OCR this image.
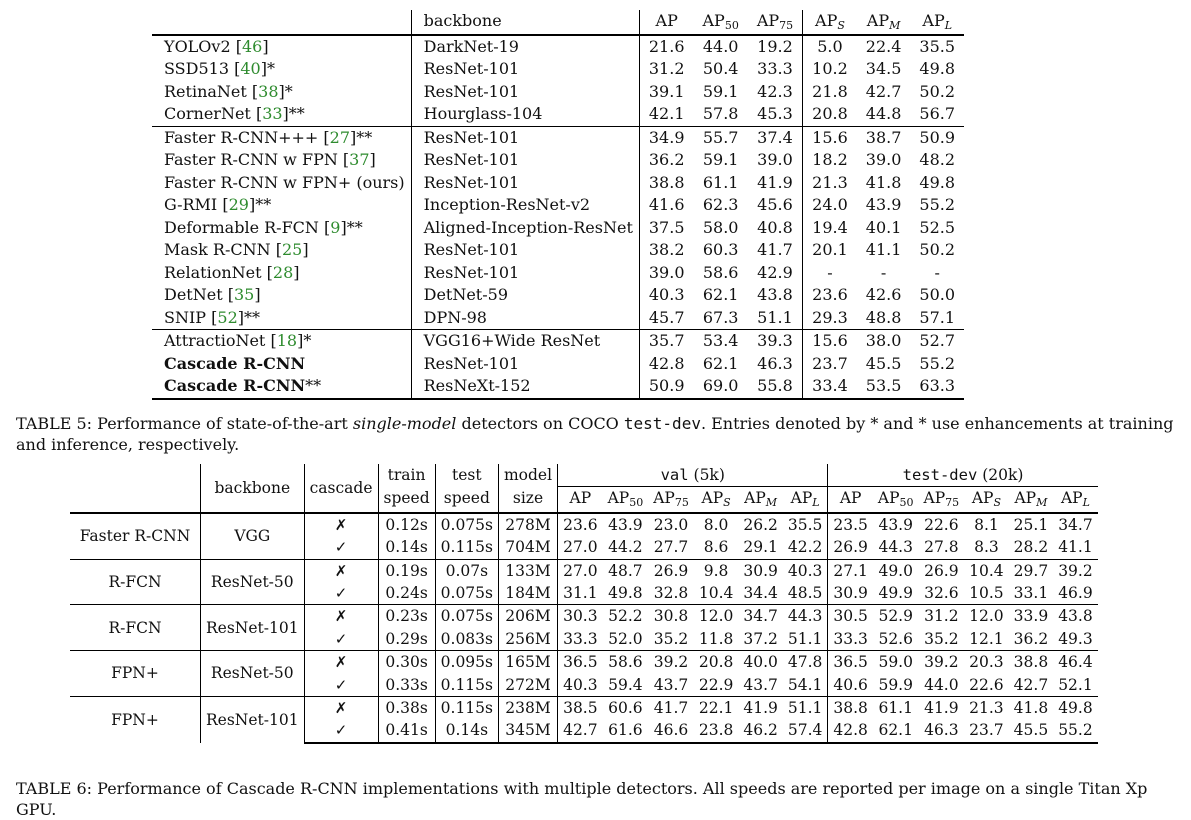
	backbone	AP	$AP_{50}$	$AP_{75}$	$AP_S$	$AP_M$	$AP_L$
YOLOv2 [46]	DarkNet-19	21.6	44.0	19.2	5.0	22.4	35.5
SSD513 [40]*	ResNet-101	31.2	50.4	33.3	10.2	34.5	49.8
RetinaNet [38]*	ResNet-101	39.1	59.1	42.3	21.8	42.7	50.2
CornerNet [33]**	Hourglass-104	42.1	57.8	45.3	20.8	44.8	56.7
Faster R-CNN+++ [27]**	ResNet-101	34.9	55.7	37.4	15.6	38.7	50.9
Faster R-CNN w FPN [37]	ResNet-101	36.2	59.1	39.0	18.2	39.0	48.2
Faster R-CNN w FPN+ (ours)	ResNet-101	38.8	61.1	41.9	21.3	41.8	49.8
G-RMI [29]**	Inception-ResNet-v2	41.6	62.3	45.6	24.0	43.9	55.2
Deformable R-FCN [9]**	Aligned-Inception-ResNet	37.5	58.0	40.8	19.4	40.1	52.5
Mask R-CNN [25]	ResNet-101	38.2	60.3	41.7	20.1	41.1	50.2
RelationNet [28]	ResNet-101	39.0	58.6	42.9	-	-	-
DetNet [35]	DetNet-59	40.3	62.1	43.8	23.6	42.6	50.0
SNIP [52]**	DPN-98	45.7	67.3	51.1	29.3	48.8	57.1
AttractioNet [18]*	VGG16+Wide ResNet	35.7	53.4	39.3	15.6	38.0	52.7
Cascade R-CNN	ResNet-101	42.8	62.1	46.3	23.7	45.5	55.2
Cascade R-CNN**	ResNeXt-152	50.9	69.0	55.8	33.4	53.5	63.3
TABLE 5: Performance of state-of-the-art single-model detectors on COCO test-dev. Entries denoted by * and * use enhancements at training and inference, respectively.
	backbone	cascade	train	test	model	val (5k)						test-dev (20k)					
			speed	speed	size	AP	$AP_{50}$	$AP_{75}$	$AP_S$	$AP_M$	$AP_L$	AP	$AP_{50}$	$AP_{75}$	$AP_S$	$AP_M$	$AP_L$
Faster R-CNN	VGG	✗	0.12s	0.075s	278M	23.6	43.9	23.0	8.0	26.2	35.5	23.5	43.9	22.6	8.1	25.1	34.7
		✓	0.14s	0.115s	704M	27.0	44.2	27.7	8.6	29.1	42.2	26.9	44.3	27.8	8.3	28.2	41.1
R-FCN	ResNet-50	✗	0.19s	0.07s	133M	27.0	48.7	26.9	9.8	30.9	40.3	27.1	49.0	26.9	10.4	29.7	39.2
		✓	0.24s	0.075s	184M	31.1	49.8	32.8	10.4	34.4	48.5	30.9	49.9	32.6	10.5	33.1	46.9
R-FCN	ResNet-101	✗	0.23s	0.075s	206M	30.3	52.2	30.8	12.0	34.7	44.3	30.5	52.9	31.2	12.0	33.9	43.8
		✓	0.29s	0.083s	256M	33.3	52.0	35.2	11.8	37.2	51.1	33.3	52.6	35.2	12.1	36.2	49.3
FPN+	ResNet-50	✗	0.30s	0.095s	165M	36.5	58.6	39.2	20.8	40.0	47.8	36.5	59.0	39.2	20.3	38.8	46.4
		✓	0.33s	0.115s	272M	40.3	59.4	43.7	22.9	43.7	54.1	40.6	59.9	44.0	22.6	42.7	52.1
FPN+	ResNet-101	✗	0.38s	0.115s	238M	38.5	60.6	41.7	22.1	41.9	51.1	38.8	61.1	41.9	21.3	41.8	49.8
		✓	0.41s	0.14s	345M	42.7	61.6	46.6	23.8	46.2	57.4	42.8	62.1	46.3	23.7	45.5	55.2
TABLE 6: Performance of Cascade R-CNN implementations with multiple detectors. All speeds are reported per image on a single Titan Xp GPU.
